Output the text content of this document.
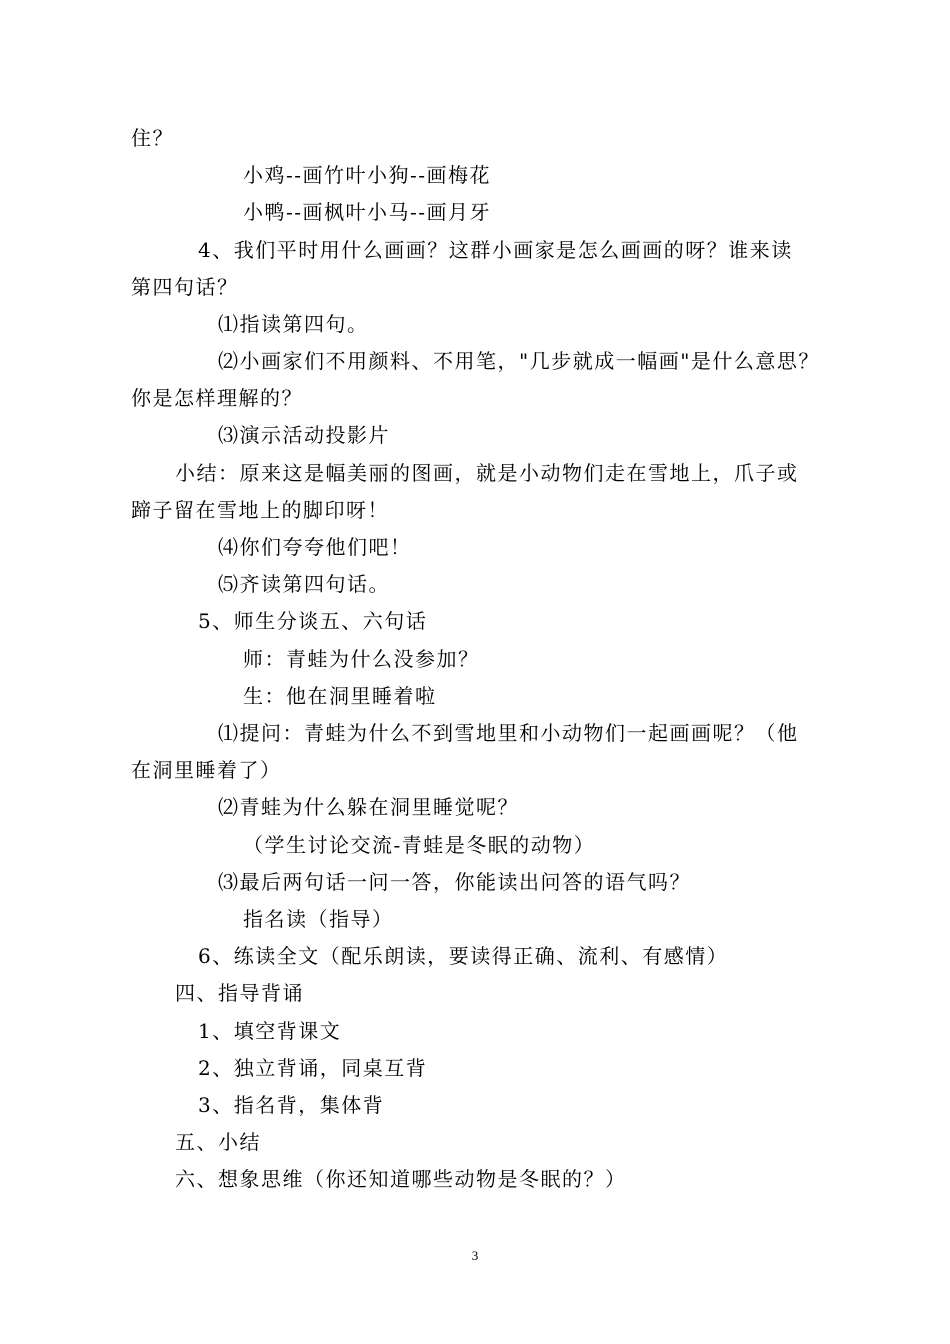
住？
小鸡--画竹叶小狗--画梅花
小鸭--画枫叶小马--画月牙
4、我们平时用什么画画？这群小画家是怎么画画的呀？谁来读
第四句话？
⑴指读第四句。
⑵小画家们不用颜料、不用笔，"几步就成一幅画"是什么意思？
你是怎样理解的？
⑶演示活动投影片
小结：原来这是幅美丽的图画，就是小动物们走在雪地上，爪子或
蹄子留在雪地上的脚印呀！
⑷你们夸夸他们吧！
⑸齐读第四句话。
5、师生分谈五、六句话
师：青蛙为什么没参加？
生：他在洞里睡着啦
⑴提问：青蛙为什么不到雪地里和小动物们一起画画呢？（他
在洞里睡着了）
⑵青蛙为什么躲在洞里睡觉呢？
（学生讨论交流-青蛙是冬眠的动物）
⑶最后两句话一问一答，你能读出问答的语气吗？
指名读（指导）
6、练读全文（配乐朗读，要读得正确、流利、有感情）
四、指导背诵
1、填空背课文
2、独立背诵，同桌互背
3、指名背，集体背
五、小结
六、想象思维（你还知道哪些动物是冬眠的？）
3
